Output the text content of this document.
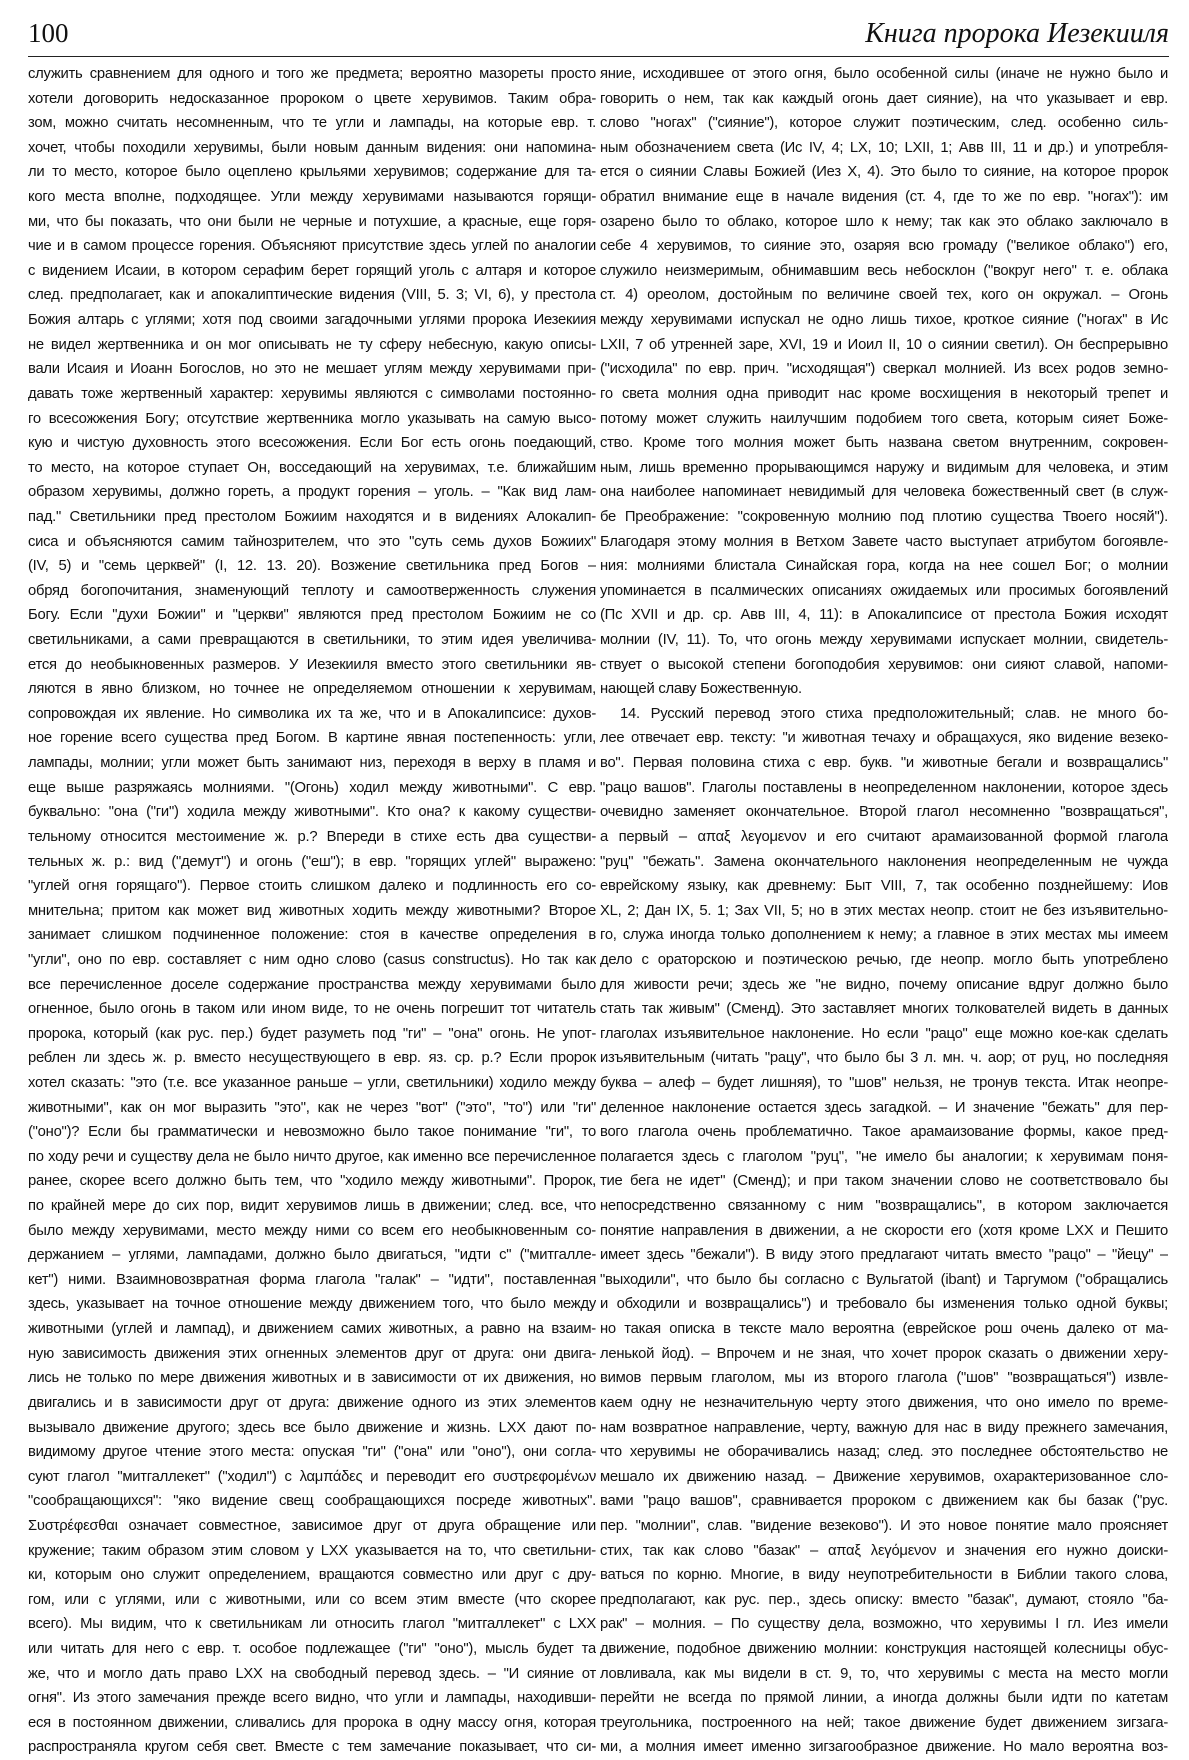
100	Книга пророка Иезекииля
служить сравнением для одного и того же предмета; вероятно мазореты просто
хотели договорить недосказанное пророком о цвете херувимов. Таким обра-
зом, можно считать несомненным, что те угли и лампады, на которые евр. т.
хочет, чтобы походили херувимы, были новым данным видения: они напомина-
ли то место, которое было оцеплено крыльями херувимов; содержание для та-
кого места вполне, подходящее. Угли между херувимами называются горящи-
ми, что бы показать, что они были не черные и потухшие, а красные, еще горя-
чие и в самом процессе горения. Объясняют присутствие здесь углей по аналогии
с видением Исаии, в котором серафим берет горящий уголь с алтаря и которое
след. предполагает, как и апокалиптические видения (VIII, 5. 3; VI, 6), у престола
Божия алтарь с углями; хотя под своими загадочными углями пророка Иезекиия
не видел жертвенника и он мог описывать не ту сферу небесную, какую описы-
вали Исаия и Иоанн Богослов, но это не мешает углям между херувимами при-
давать тоже жертвенный характер: херувимы являются с символами постоянно-
го всесожжения Богу; отсутствие жертвенника могло указывать на самую высо-
кую и чистую духовность этого всесожжения. Если Бог есть огонь поедающий,
то место, на которое ступает Он, восседающий на херувимах, т.е. ближайшим
образом херувимы, должно гореть, а продукт горения – уголь. – "Как вид лам-
пад." Светильники пред престолом Божиим находятся и в видениях Алокалип-
сиса и объясняются самим тайнозрителем, что это "суть семь духов Божиих"
(IV, 5) и "семь церквей" (I, 12. 13. 20). Возжение светильника пред Богов –
обряд богопочитания, знаменующий теплоту и самоотверженность служения
Богу. Если "духи Божии" и "церкви" являются пред престолом Божиим не со
светильниками, а сами превращаются в светильники, то этим идея увеличива-
ется до необыкновенных размеров. У Иезекииля вместо этого светильники яв-
ляются в явно близком, но точнее не определяемом отношении к херувимам,
сопровождая их явление. Но символика их та же, что и в Апокалипсисе: духов-
ное горение всего существа пред Богом. В картине явная постепенность: угли,
лампады, молнии; угли может быть занимают низ, переходя в верху в пламя и
еще выше разряжаясь молниями. "(Огонь) ходил между животными". С евр.
буквально: "она ("ги") ходила между животными". Кто она? к какому существи-
тельному относится местоимение ж. р.? Впереди в стихе есть два существи-
тельных ж. р.: вид ("демут") и огонь ("еш"); в евр. "горящих углей" выражено:
"углей огня горящаго"). Первое стоить слишком далеко и подлинность его со-
мнительна; притом как может вид животных ходить между животными? Второе
занимает слишком подчиненное положение: стоя в качестве определения в
"угли", оно по евр. составляет с ним одно слово (casus constructus). Но так как
все перечисленное доселе содержание пространства между херувимами было
огненное, было огонь в таком или ином виде, то не очень погрешит тот читатель
пророка, который (как рус. пер.) будет разуметь под "ги" – "она" огонь. Не упот-
реблен ли здесь ж. р. вместо несуществующего в евр. яз. ср. р.? Если пророк
хотел сказать: "это (т.е. все указанное раньше – угли, светильники) ходило между
животными", как он мог выразить "это", как не через "вот" ("это", "то") или "ги"
("оно")? Если бы грамматически и невозможно было такое понимание "ги", то
по ходу речи и существу дела не было ничто другое, как именно все перечисленное
ранее, скорее всего должно быть тем, что "ходило между животными". Пророк,
по крайней мере до сих пор, видит херувимов лишь в движении; след. все, что
было между херувимами, место между ними со всем его необыкновенным со-
держанием – углями, лампадами, должно было двигаться, "идти с" ("митгаллe-
кет") ними. Взаимновозвратная форма глагола "галак" – "идти", поставленная
здесь, указывает на точное отношение между движением того, что было между
животными (углей и лампад), и движением самих животных, а равно на взаим-
ную зависимость движения этих огненных элементов друг от друга: они двига-
лись не только по мере движения животных и в зависимости от их движения, но
двигались и в зависимости друг от друга: движение одного из этих элементов
вызывало движение другого; здесь все было движение и жизнь. LXX дают по-
видимому другое чтение этого места: опуская "ги" ("она" или "оно"), они согла-
суют глагол "митгаллекет" ("ходил") с λαμπάδες и переводит его συστρεφομένων
"сообращающихся": "яко видение свещ сообращающихся посреде животных".
Συστρέφεσθαι означает совместное, зависимое друг от друга обращение или
кружение; таким образом этим словом у LXX указывается на то, что светильни-
ки, которым оно служит определением, вращаются совместно или друг с дру-
гом, или с углями, или с животными, или со всем этим вместе (что скорее
всего). Мы видим, что к светильникам ли относить глагол "митгаллекет" с LXX
или читать для него с евр. т. особое подлежащее ("ги" "оно"), мысль будет та
же, что и могло дать право LXX на свободный перевод здесь. – "И сияние от
огня". Из этого замечания прежде всего видно, что угли и лампады, находивши-
еся в постоянном движении, сливались для пророка в одну массу огня, которая
распространяла кругом себя свет. Вместе с тем замечание показывает, что си-
яние, исходившее от этого огня, было особенной силы (иначе не нужно было и
говорить о нем, так как каждый огонь дает сияние), на что указывает и евр.
слово "ногах" ("сияние"), которое служит поэтическим, след. особенно силь-
ным обозначением света (Ис IV, 4; LX, 10; LXII, 1; Авв III, 11 и др.) и употребля-
ется о сиянии Славы Божией (Иез X, 4). Это было то сияние, на которое пророк
обратил внимание еще в начале видения (ст. 4, где то же по евр. "ногах"): им
озарено было то облако, которое шло к нему; так как это облако заключало в
себе 4 херувимов, то сияние это, озаряя всю громаду ("великое облако") его,
служило неизмеримым, обнимавшим весь небосклон ("вокруг него" т. е. облака
ст. 4) ореолом, достойным по величине своей тех, кого он окружал. – Огонь
между херувимами испускал не одно лишь тихое, кроткое сияние ("ногах" в Ис
LXII, 7 об утренней заре, XVI, 19 и Иоил II, 10 о сиянии светил). Он беспрерывно
("исходила" по евр. прич. "исходящая") сверкал молнией. Из всех родов земно-
го света молния одна приводит нас кроме восхищения в некоторый трепет и
потому может служить наилучшим подобием того света, которым сияет Боже-
ство. Кроме того молния может быть названа светом внутренним, сокровен-
ным, лишь временно прорывающимся наружу и видимым для человека, и этим
она наиболее напоминает невидимый для человека божественный свет (в служ-
бе Преображение: "сокровенную молнию под плотию существа Твоего носяй").
Благодаря этому молния в Ветхом Завете часто выступает атрибутом богоявле-
ния: молниями блистала Синайская гора, когда на нее сошел Бог; о молнии
упоминается в псалмических описаниях ожидаемых или просимых богоявлений
(Пс XVII и др. ср. Авв III, 4, 11): в Апокалипсисе от престола Божия исходят
молнии (IV, 11). То, что огонь между херувимами испускает молнии, свидетель-
ствует о высокой степени богоподобия херувимов: они сияют славой, напоми-
нающей славу Божественную.
14. Русский перевод этого стиха предположительный; слав. не много бо-
лее отвечает евр. тексту: "и животная течаху и обращахуся, яко видение везеко-
во". Первая половина стиха с евр. букв. "и животные бегали и возвращались"
"рацо вашов". Глаголы поставлены в неопределенном наклонении, которое здесь
очевидно заменяет окончательное. Второй глагол несомненно "возвращаться",
а первый – απαξ λεγομενον и его считают арамаизованной формой глагола
"руц" "бежать". Замена окончательного наклонения неопределенным не чужда
еврейскому языку, как древнему: Быт VIII, 7, так особенно позднейшему: Иов
XL, 2; Дан IX, 5. 1; Зах VII, 5; но в этих местах неопр. стоит не без изъявительно-
го, служа иногда только дополнением к нему; а главное в этих местах мы имеем
дело с ораторскою и поэтическою речью, где неопр. могло быть употреблено
для живости речи; здесь же "не видно, почему описание вдруг должно было
стать так живым" (Сменд). Это заставляет многих толкователей видеть в данных
глаголах изъявительное наклонение. Но если "рацо" еще можно кое-как сделать
изъявительным (читать "рацу", что было бы 3 л. мн. ч. аор; от руц, но последняя
буква – алеф – будет лишняя), то "шов" нельзя, не тронув текста. Итак неопре-
деленное наклонение остается здесь загадкой. – И значение "бежать" для пер-
вого глагола очень проблематично. Такое арамаизование формы, какое пред-
полагается здесь с глаголом "руц", "не имело бы аналогии; к херувимам поня-
тие бега не идет" (Сменд); и при таком значении слово не соответствовало бы
непосредственно связанному с ним "возвращались", в котором заключается
понятие направления в движении, а не скорости его (хотя кроме LXX и Пешито
имеет здесь "бежали"). В виду этого предлагают читать вместо "рацо" – "йецу" –
"выходили", что было бы согласно с Вульгатой (ibant) и Таргумом ("обращались
и обходили и возвращались") и требовало бы изменения только одной буквы;
но такая описка в тексте мало вероятна (еврейское рош очень далеко от ма-
ленькой йод). – Впрочем и не зная, что хочет пророк сказать о движении херу-
вимов первым глаголом, мы из второго глагола ("шов" "возвращаться") извле-
каем одну не незначительную черту этого движения, что оно имело по време-
нам возвратное направление, черту, важную для нас в виду прежнего замечания,
что херувимы не оборачивались назад; след. это последнее обстоятельство не
мешало их движению назад. – Движение херувимов, охарактеризованное сло-
вами "рацо вашов", сравнивается пророком с движением как бы базак ("рус.
пер. "молнии", слав. "видение везеково"). И это новое понятие мало проясняет
стих, так как слово "базак" – απαξ λεγόμενον и значения его нужно доиски-
ваться по корню. Многие, в виду неупотребительности в Библии такого слова,
предполагают, как рус. пер., здесь описку: вместо "базак", думают, стояло "ба-
рак" – молния. – По существу дела, возможно, что херувимы I гл. Иез имели
движение, подобное движению молнии: конструкция настоящей колесницы обус-
ловливала, как мы видели в ст. 9, то, что херувимы с места на место могли
перейти не всегда по прямой линии, а иногда должны были идти по катетам
треугольника, построенного на ней; такое движение будет движением зигзага-
ми, а молния имеет именно зигзагообразное движение. Но мало вероятна воз-
